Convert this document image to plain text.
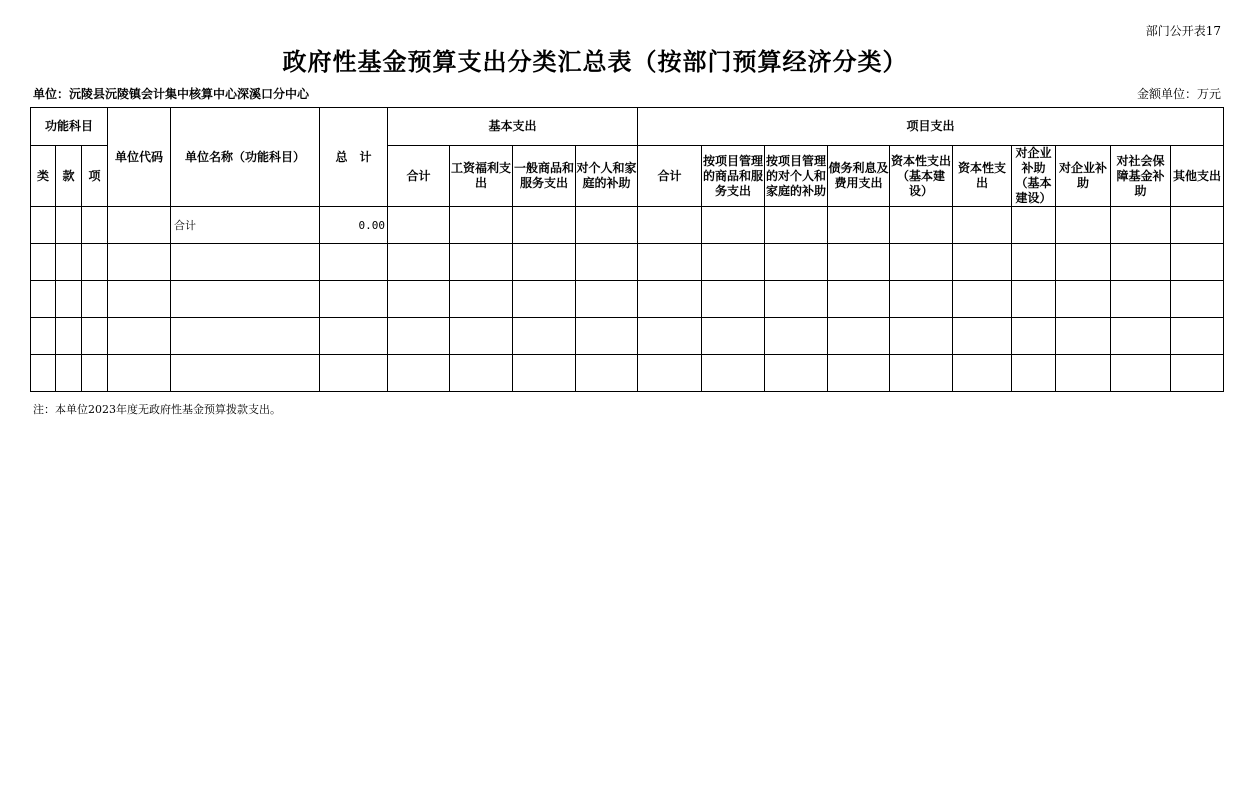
部门公开表17
政府性基金预算支出分类汇总表（按部门预算经济分类）
单位：沅陵县沅陵镇会计集中核算中心深溪口分中心	金额单位：万元
功能科目			单位代码	单位名称（功能科目）	总　计	基本支出				项目支出									
类	款	项				合计	工资福利支出	一般商品和服务支出	对个人和家庭的补助	合计	按项目管理的商品和服务支出	按项目管理的对个人和家庭的补助	债务利息及费用支出	资本性支出（基本建设）	资本性支出	对企业补助（基本建设）	对企业补助	对社会保障基金补助	其他支出
				合计	0.00														

注：本单位2023年度无政府性基金预算拨款支出。
